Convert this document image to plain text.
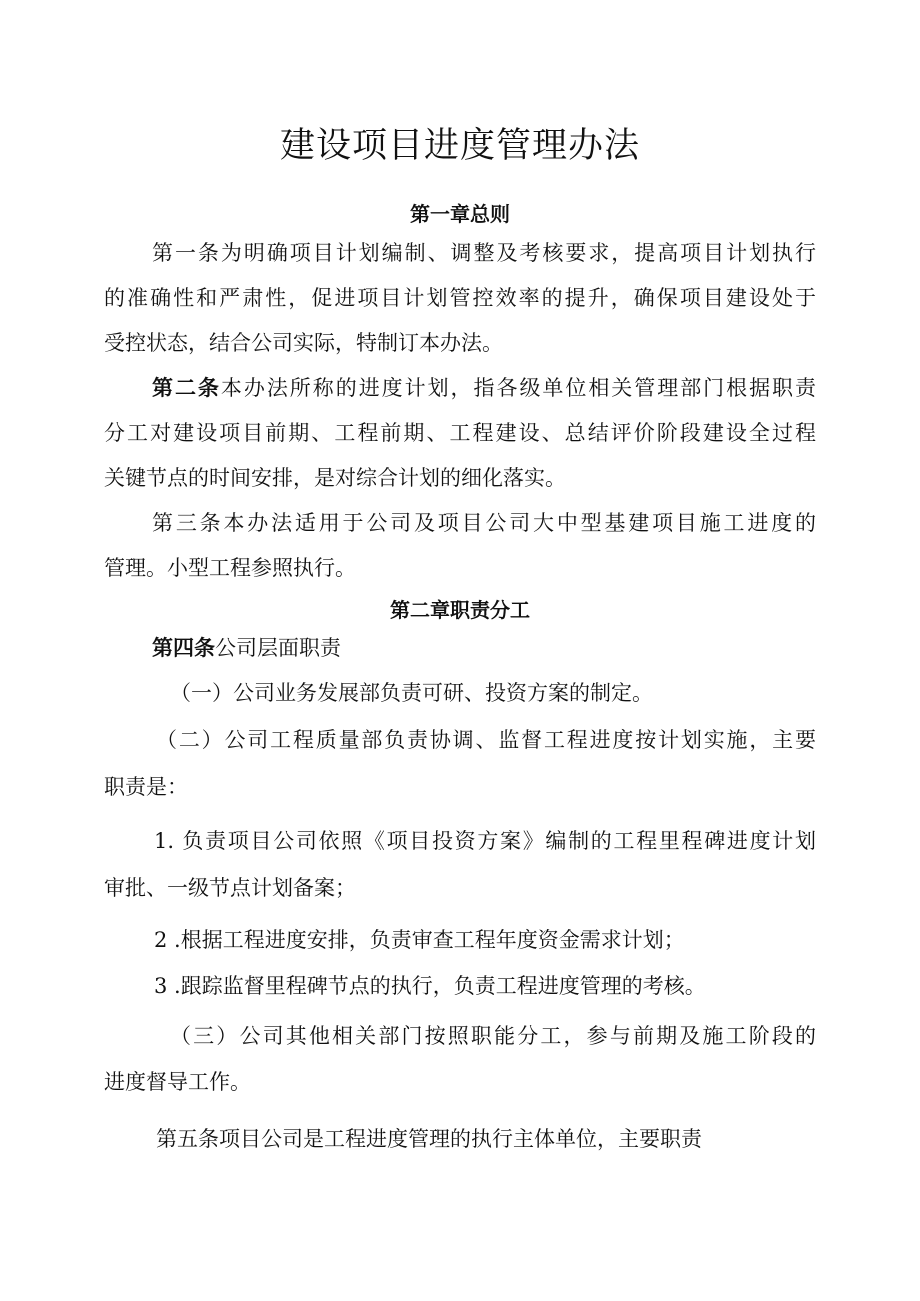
建设项目进度管理办法
第一章总则

第一条为明确项目计划编制、调整及考核要求，提高项目计划执行

的准确性和严肃性，促进项目计划管控效率的提升，确保项目建设处于

受控状态，结合公司实际，特制订本办法。

第二条本办法所称的进度计划，指各级单位相关管理部门根据职责

分工对建设项目前期、工程前期、工程建设、总结评价阶段建设全过程

关键节点的时间安排，是对综合计划的细化落实。

第三条本办法适用于公司及项目公司大中型基建项目施工进度的

管理。小型工程参照执行。

第二章职责分工

第四条公司层面职责

（一）公司业务发展部负责可研、投资方案的制定。

（二）公司工程质量部负责协调、监督工程进度按计划实施，主要

职责是：

1. 负责项目公司依照《项目投资方案》编制的工程里程碑进度计划

审批、一级节点计划备案；

2 .根据工程进度安排，负责审查工程年度资金需求计划；

3 .跟踪监督里程碑节点的执行，负责工程进度管理的考核。

（三）公司其他相关部门按照职能分工，参与前期及施工阶段的

进度督导工作。

第五条项目公司是工程进度管理的执行主体单位，主要职责
